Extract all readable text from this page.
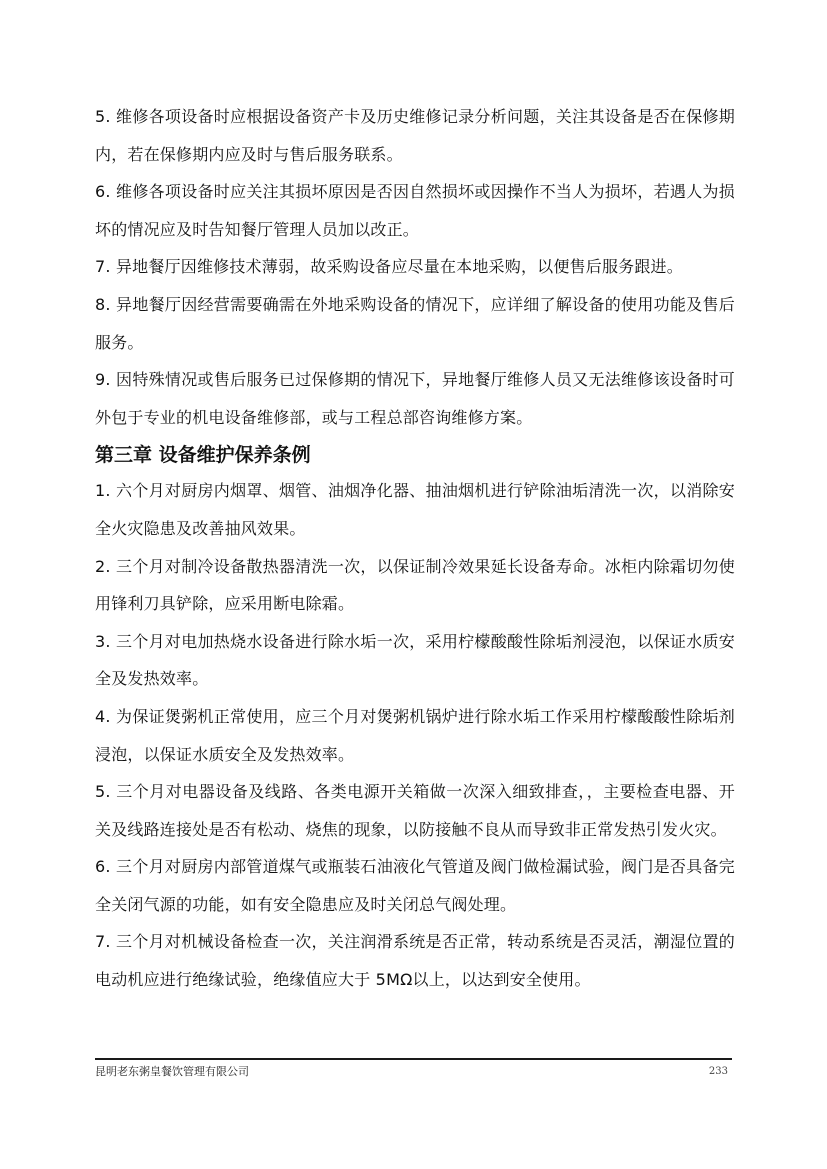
5. 维修各项设备时应根据设备资产卡及历史维修记录分析问题，关注其设备是否在保修期内，若在保修期内应及时与售后服务联系。

6. 维修各项设备时应关注其损坏原因是否因自然损坏或因操作不当人为损坏，若遇人为损坏的情况应及时告知餐厅管理人员加以改正。

7. 异地餐厅因维修技术薄弱，故采购设备应尽量在本地采购，以便售后服务跟进。

8. 异地餐厅因经营需要确需在外地采购设备的情况下，应详细了解设备的使用功能及售后服务。

9. 因特殊情况或售后服务已过保修期的情况下，异地餐厅维修人员又无法维修该设备时可外包于专业的机电设备维修部，或与工程总部咨询维修方案。

第三章 设备维护保养条例

1. 六个月对厨房内烟罩、烟管、油烟净化器、抽油烟机进行铲除油垢清洗一次，以消除安全火灾隐患及改善抽风效果。

2. 三个月对制冷设备散热器清洗一次，以保证制冷效果延长设备寿命。冰柜内除霜切勿使用锋利刀具铲除，应采用断电除霜。

3. 三个月对电加热烧水设备进行除水垢一次，采用柠檬酸酸性除垢剂浸泡，以保证水质安全及发热效率。

4. 为保证煲粥机正常使用，应三个月对煲粥机锅炉进行除水垢工作采用柠檬酸酸性除垢剂浸泡，以保证水质安全及发热效率。

5. 三个月对电器设备及线路、各类电源开关箱做一次深入细致排查，，主要检查电器、开关及线路连接处是否有松动、烧焦的现象，以防接触不良从而导致非正常发热引发火灾。

6. 三个月对厨房内部管道煤气或瓶装石油液化气管道及阀门做检漏试验，阀门是否具备完全关闭气源的功能，如有安全隐患应及时关闭总气阀处理。

7. 三个月对机械设备检查一次，关注润滑系统是否正常，转动系统是否灵活，潮湿位置的电动机应进行绝缘试验，绝缘值应大于 5MΩ以上，以达到安全使用。

昆明老东粥皇餐饮管理有限公司	233
